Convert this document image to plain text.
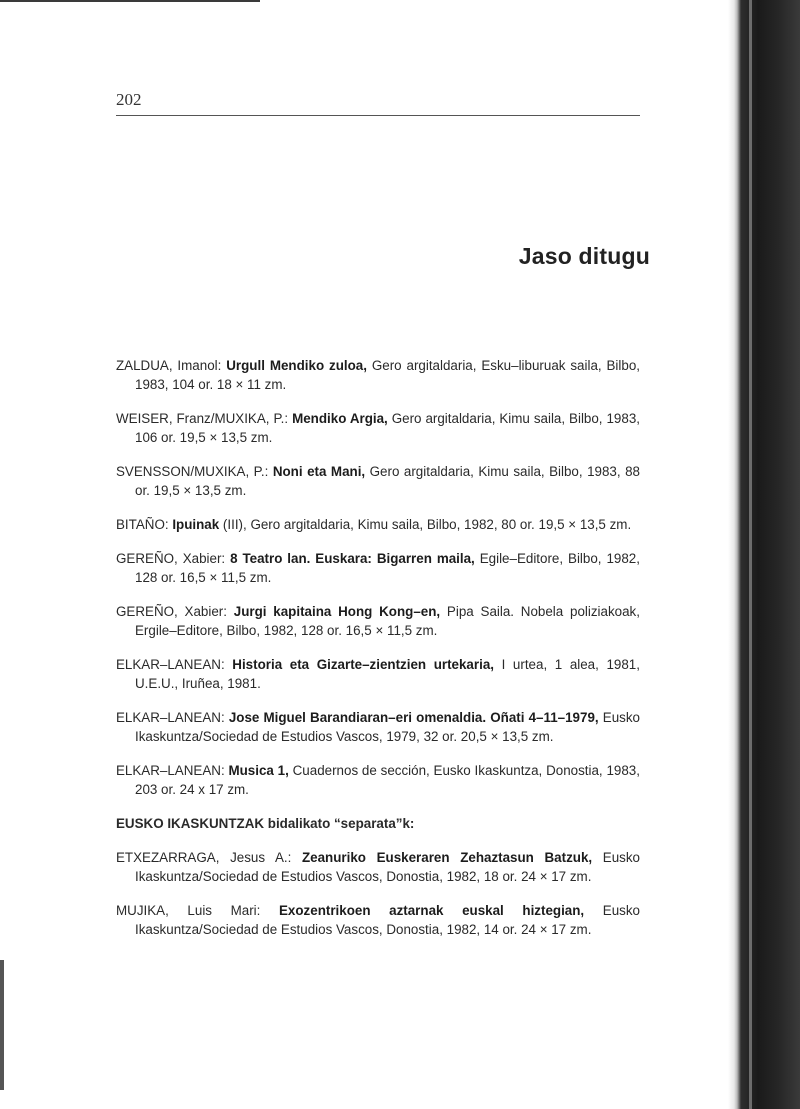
202
Jaso ditugu

ZALDUA, Imanol: Urgull Mendiko zuloa, Gero argitaldaria, Esku–liburuak saila, Bilbo, 1983, 104 or. 18 × 11 zm.

WEISER, Franz/MUXIKA, P.: Mendiko Argia, Gero argitaldaria, Kimu saila, Bilbo, 1983, 106 or. 19,5 × 13,5 zm.

SVENSSON/MUXIKA, P.: Noni eta Mani, Gero argitaldaria, Kimu saila, Bilbo, 1983, 88 or. 19,5 × 13,5 zm.

BITAÑO: Ipuinak (III), Gero argitaldaria, Kimu saila, Bilbo, 1982, 80 or. 19,5 × 13,5 zm.

GEREÑO, Xabier: 8 Teatro lan. Euskara: Bigarren maila, Egile–Editore, Bilbo, 1982, 128 or. 16,5 × 11,5 zm.

GEREÑO, Xabier: Jurgi kapitaina Hong Kong–en, Pipa Saila. Nobela poliziakoak, Ergile–Editore, Bilbo, 1982, 128 or. 16,5 × 11,5 zm.

ELKAR–LANEAN: Historia eta Gizarte–zientzien urtekaria, I urtea, 1 alea, 1981, U.E.U., Iruñea, 1981.

ELKAR–LANEAN: Jose Miguel Barandiaran–eri omenaldia. Oñati 4–11–1979, Eusko Ikaskuntza/Sociedad de Estudios Vascos, 1979, 32 or. 20,5 × 13,5 zm.

ELKAR–LANEAN: Musica 1, Cuadernos de sección, Eusko Ikaskuntza, Donostia, 1983, 203 or. 24 x 17 zm.

EUSKO IKASKUNTZAK bidalikato “separata”k:

ETXEZARRAGA, Jesus A.: Zeanuriko Euskeraren Zehaztasun Batzuk, Eusko Ikaskuntza/Sociedad de Estudios Vascos, Donostia, 1982, 18 or. 24 × 17 zm.

MUJIKA, Luis Mari: Exozentrikoen aztarnak euskal hiztegian, Eusko Ikaskuntza/Sociedad de Estudios Vascos, Donostia, 1982, 14 or. 24 × 17 zm.
